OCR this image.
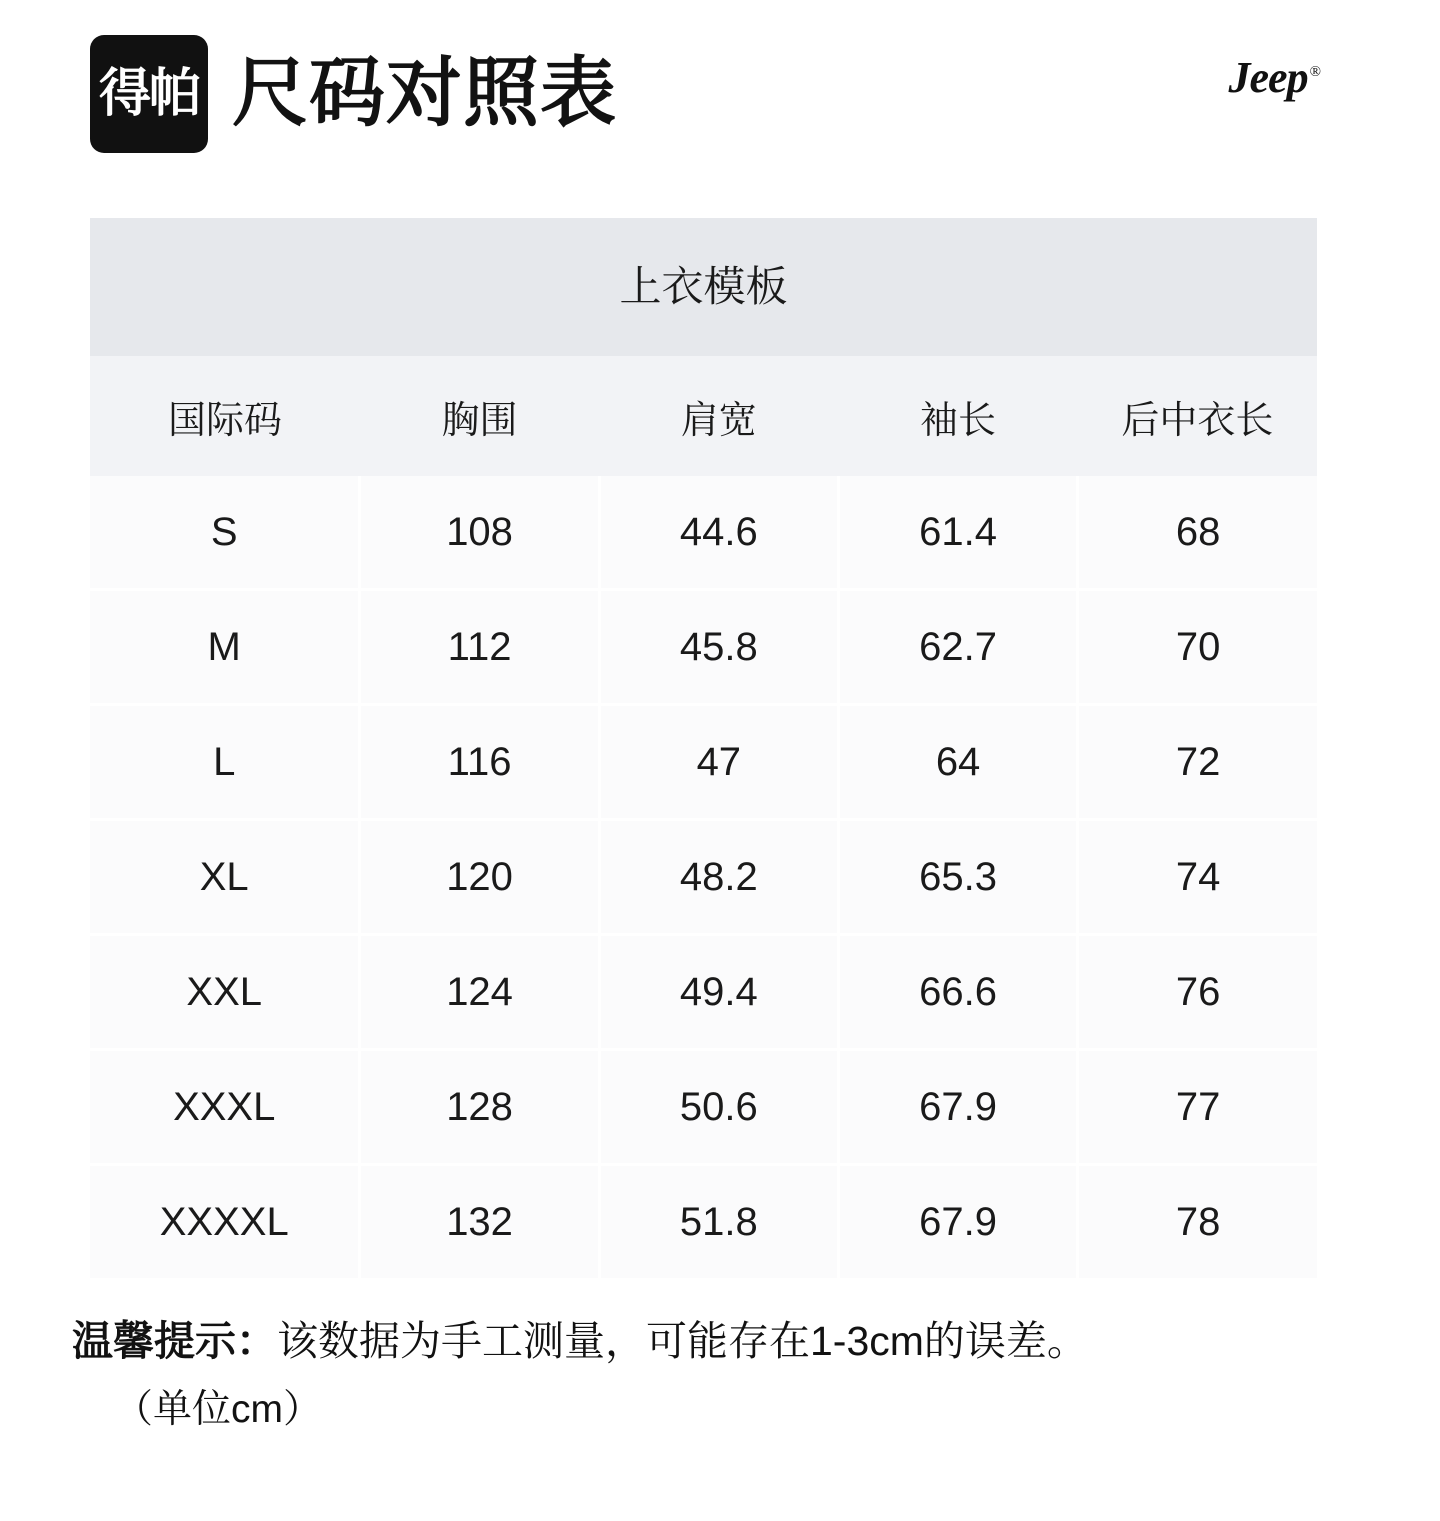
得帕 尺码对照表	Jeep ®
上衣模板
国际码	胸围	肩宽	袖长	后中衣长
S	108	44.6	61.4	68
M	112	45.8	62.7	70
L	116	47	64	72
XL	120	48.2	65.3	74
XXL	124	49.4	66.6	76
XXXL	128	50.6	67.9	77
XXXXL	132	51.8	67.9	78
温馨提示：该数据为手工测量，可能存在1-3cm的误差。
（单位cm）
